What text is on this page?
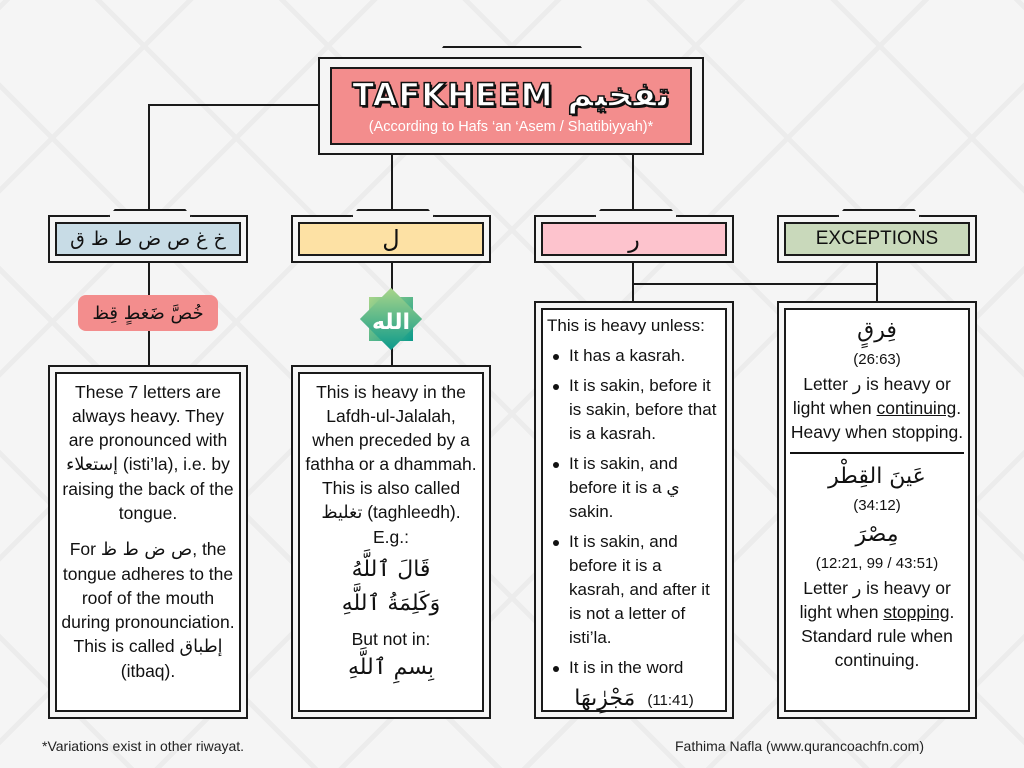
TAFKHEEM تفخيم
(According to Hafs ‘an ‘Asem / Shatibiyyah)*
خ غ ص ض ط ظ ق	ل	ر	EXCEPTIONS
خُصَّ ضَغطٍ قِظ	الله
These 7 letters are always heavy. They are pronounced with إستعلاء (isti’la), i.e. by raising the back of the tongue.
For ص ض ط ظ, the tongue adheres to the roof of the mouth during pronounciation. This is called إطباق (itbaq).
This is heavy in the Lafdh-ul-Jalalah, when preceded by a fathha or a dhammah. This is also called تغليظ (taghleedh). E.g.:
قَالَ ٱللَّهُ
وَكَلِمَةُ ٱللَّهِ
But not in:
بِسمِ ٱللَّهِ
This is heavy unless:
It has a kasrah.
It is sakin, before it is sakin, before that is a kasrah.
It is sakin, and before it is a ي sakin.
It is sakin, and before it is a kasrah, and after it is not a letter of isti’la.
It is in the word
مَجْرِٰىهَا (11:41)
فِرقٍ
(26:63)
Letter ر is heavy or light when continuing. Heavy when stopping.
عَينَ القِطْر
(34:12)
مِصْرَ
(12:21, 99 / 43:51)
Letter ر is heavy or light when stopping. Standard rule when continuing.
*Variations exist in other riwayat.	Fathima Nafla (www.qurancoachfn.com)
